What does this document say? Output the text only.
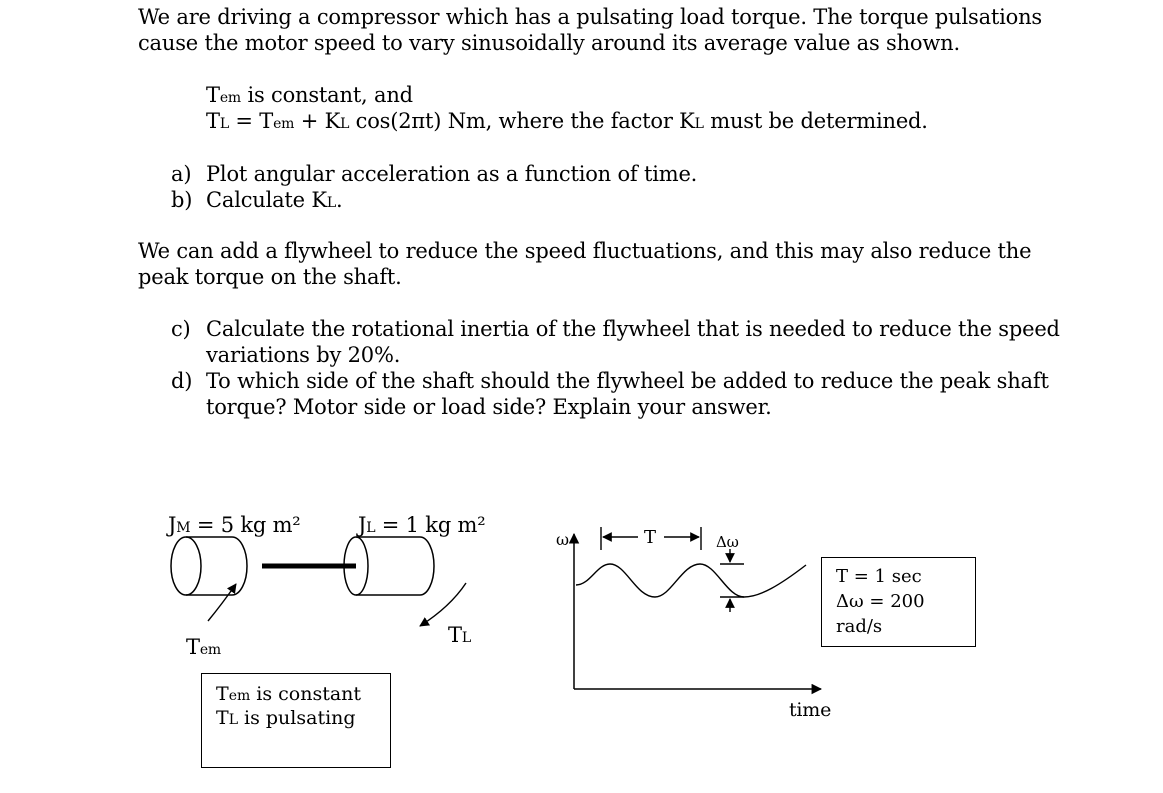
We are driving a compressor which has a pulsating load torque. The torque pulsations
cause the motor speed to vary sinusoidally around its average value as shown.
Tem is constant, and
TL = Tem + KL cos(2πt) Nm, where the factor KL must be determined.
a) Plot angular acceleration as a function of time.
b) Calculate KL.
We can add a flywheel to reduce the speed fluctuations, and this may also reduce the
peak torque on the shaft.
c) Calculate the rotational inertia of the flywheel that is needed to reduce the speed
variations by 20%.
d) To which side of the shaft should the flywheel be added to reduce the peak shaft
torque? Motor side or load side? Explain your answer.
JM = 5 kg m²	JL = 1 kg m²
Tem
TL
Tem is constant
TL is pulsating
ω	T	Δω
time
T = 1 sec
Δω = 200
rad/s
